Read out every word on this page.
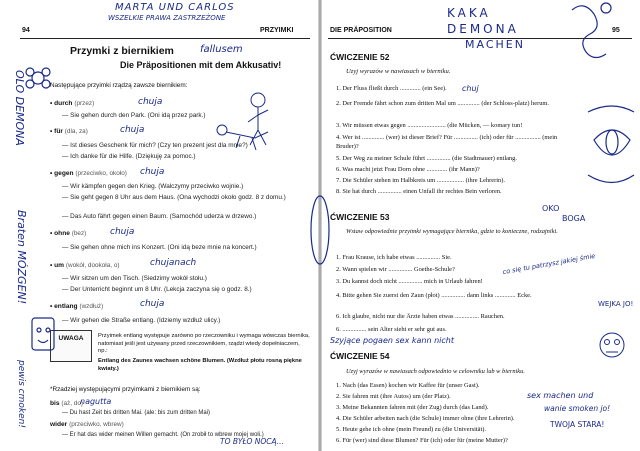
94	PRZYIMKI
Przymki z biernikiem
Die Präpositionen mit dem Akkusativ!
Następujące przyimki rządzą zawsze biernikiem:
• durch (przez)
— Sie gehen durch den Park. (Oni idą przez park.)
• für (dla, za)
— Ist dieses Geschenk für mich? (Czy ten prezent jest dla mnie?)
— Ich danke für die Hilfe. (Dziękuję za pomoc.)
• gegen (przeciwko, około)
— Wir kämpfen gegen den Krieg. (Walczymy przeciwko wojnie.)
— Sie geht gegen 8 Uhr aus dem Haus. (Ona wychodzi około godz. 8 z domu.)
— Das Auto fährt gegen einen Baum. (Samochód uderza w drzewo.)
• ohne (bez)
— Sie gehen ohne mich ins Konzert. (Oni idą beze mnie na koncert.)
• um (wokół, dookoła, o)
— Wir sitzen um den Tisch. (Siedzimy wokół stołu.)
— Der Unterricht beginnt um 8 Uhr. (Lekcja zaczyna się o godz. 8.)
• entlang (wzdłuż)
— Wir gehen die Straße entlang. (Idziemy wzdłuż ulicy.)
UWAGA	Przyimek entlang występuje zarówno po rzeczowniku i wymaga wówczas biernika, natomiast jeśli jest używany przed rzeczownikiem, rządzi wtedy dopełniaczem, np.:
Entlang des Zaunes wachsen schöne Blumen. (Wzdłuż płotu rosną piękne kwiaty.)
*Rzadziej występującymi przyimkami z biernikiem są:
bis (aż, do)
— Du hast Zeit bis dritten Mai. (ale: bis zum dritten Mai)
wider (przeciwko, wbrew)
— Er hat das wider meinen Willen gemacht. (On zrobił to wbrew mojej woli.)
MARTA UND CARLOS
WSZELKIE PRAWA ZASTRZEŻONE
fallusem
OLO DEMONA
Braten MÓZGEN!
pewis cmoken!
chuja
chuja
chuja
chuja
chujanach
chuja
nagutta
TO BYŁO NOCĄ...
DIE PRÄPOSITION	95
ĆWICZENIE 52
Uzyj wyrazów w nawiasach w bierniku.
1. Der Fluss fließt durch ............. (ein See).
2. Der Fremde fährt schon zum dritten Mal um .............. (der Schloss-platz) herum.
3. Wir müssen etwas gegen ........................ (die Mücken, — komary tun!
4. Wer ist .............. (wer) ist dieser Brief? Für ............... (ich) oder für ................ (mein Bruder)?
5. Der Weg zu meiner Schule führt ............... (die Stadtmauer) entlang.
6. Was macht jetzt Frau Dorn ohne ............. (ihr Mann)?
7. Die Schüler stehen im Halbkreis um ................. (ihre Lehrerin).
8. Sie hat durch ............... einen Unfall ihr rechtes Bein verloren.
ĆWICZENIE 53
Wstaw odpowiednie przyimki wymagające biernika, gdzie to konieczne, rodzajniki.
1. Frau Krause, ich habe etwas ............... Sie.
2. Wann spielen wir ............... Goethe-Schule?
3. Du kannst doch nicht ............... mich in Urlaub fahren!
4. Bitte gehen Sie zuerst den Zaun (płot) ............... dann links ............. Ecke.
6. Ich glaube, nicht nur die Ärzte haben etwas ............... Rauchen.
6. ............... sein Alter sieht er sehr gut aus.
ĆWICZENIE 54
Uzyj wyrazów w nawiasach odpowiednio w celowniku lub w bierniku.
1. Nach (das Essen) kochen wir Kaffee für (unser Gast).
2. Sie fahren mit (ihre Autos) um (der Platz).
3. Meine Bekannten fahren mit (der Zug) durch (das Land).
4. Die Schüler arbeiten nach (die Schule) immer ohne (ihre Lehrerin).
5. Heute gehe ich ohne (mein Freund) zu (die Universität).
6. Für (wer) sind diese Blumen? Für (ich) oder für (meine Mutter)?
KAKA
DEMONA
MACHEN
OKO
BOGA
chuj
Szyjące pogaen sex kann nicht
sex machen und
wanie smoken jo!
TWOJA STARA!
WEJKA JO!
co się tu patrzysz jakiej śmie
